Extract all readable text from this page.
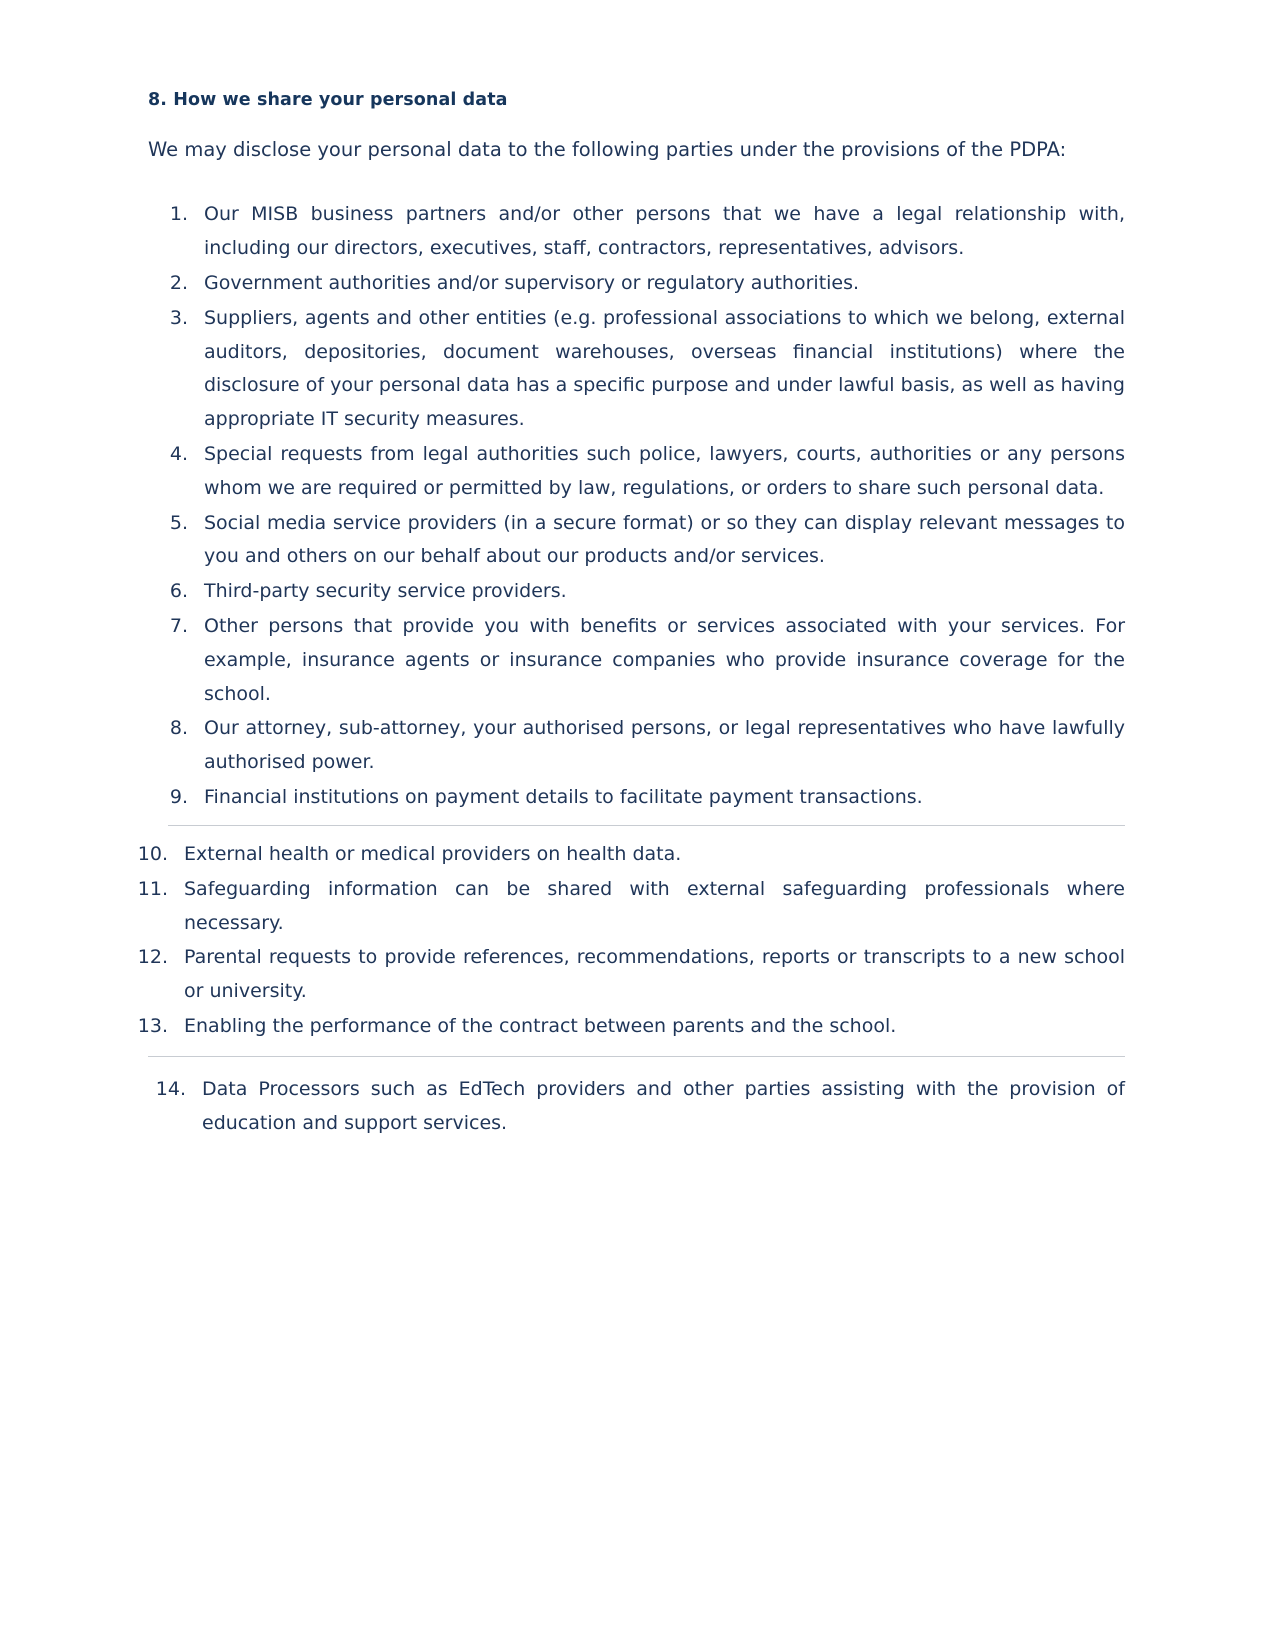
8. How we share your personal data

We may disclose your personal data to the following parties under the provisions of the PDPA:

1. Our MISB business partners and/or other persons that we have a legal relationship with, including our directors, executives, staff, contractors, representatives, advisors.
2. Government authorities and/or supervisory or regulatory authorities.
3. Suppliers, agents and other entities (e.g. professional associations to which we belong, external auditors, depositories, document warehouses, overseas financial institutions) where the disclosure of your personal data has a specific purpose and under lawful basis, as well as having appropriate IT security measures.
4. Special requests from legal authorities such police, lawyers, courts, authorities or any persons whom we are required or permitted by law, regulations, or orders to share such personal data.
5. Social media service providers (in a secure format) or so they can display relevant messages to you and others on our behalf about our products and/or services.
6. Third-party security service providers.
7. Other persons that provide you with benefits or services associated with your services. For example, insurance agents or insurance companies who provide insurance coverage for the school.
8. Our attorney, sub-attorney, your authorised persons, or legal representatives who have lawfully authorised power.
9. Financial institutions on payment details to facilitate payment transactions.
10. External health or medical providers on health data.
11. Safeguarding information can be shared with external safeguarding professionals where necessary.
12. Parental requests to provide references, recommendations, reports or transcripts to a new school or university.
13. Enabling the performance of the contract between parents and the school.
14. Data Processors such as EdTech providers and other parties assisting with the provision of education and support services.
